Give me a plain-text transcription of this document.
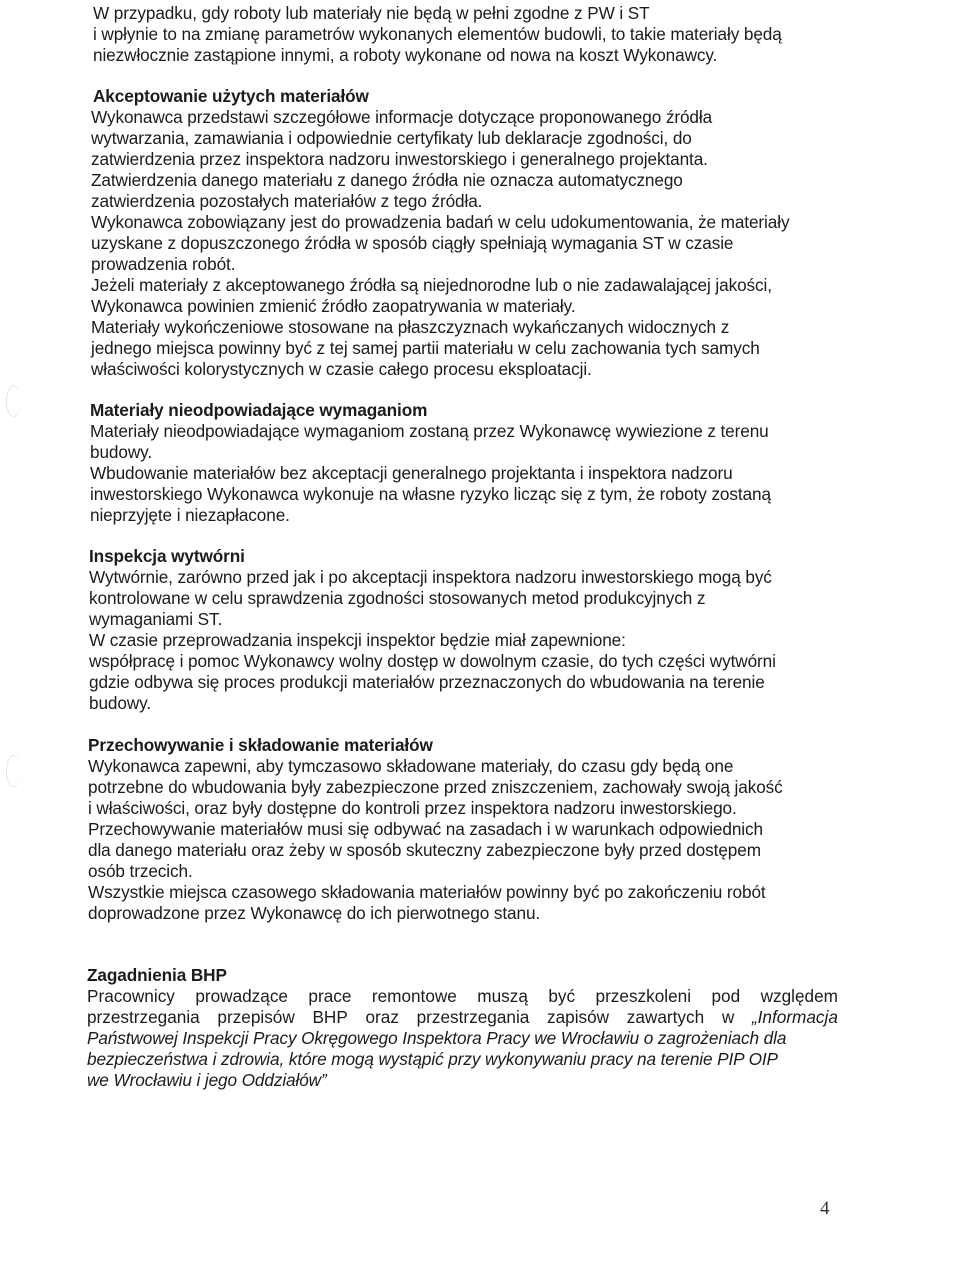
W przypadku, gdy roboty lub materiały nie będą w pełni zgodne z PW i ST
i wpłynie to na zmianę parametrów wykonanych elementów budowli, to takie materiały będą
niezwłocznie zastąpione innymi, a roboty wykonane od nowa na koszt Wykonawcy.
Akceptowanie użytych materiałów
Wykonawca przedstawi szczegółowe informacje dotyczące proponowanego źródła
wytwarzania, zamawiania i odpowiednie certyfikaty lub deklaracje zgodności, do
zatwierdzenia przez inspektora nadzoru inwestorskiego i generalnego projektanta.
Zatwierdzenia danego materiału z danego źródła nie oznacza automatycznego
zatwierdzenia pozostałych materiałów z tego źródła.
Wykonawca zobowiązany jest do prowadzenia badań w celu udokumentowania, że materiały
uzyskane z dopuszczonego źródła w sposób ciągły spełniają wymagania ST w czasie
prowadzenia robót.
Jeżeli materiały z akceptowanego źródła są niejednorodne lub o nie zadawalającej jakości,
Wykonawca powinien zmienić źródło zaopatrywania w materiały.
Materiały wykończeniowe stosowane na płaszczyznach wykańczanych widocznych z
jednego miejsca powinny być z tej samej partii materiału w celu zachowania tych samych
właściwości kolorystycznych w czasie całego procesu eksploatacji.
Materiały nieodpowiadające wymaganiom
Materiały nieodpowiadające wymaganiom zostaną przez Wykonawcę wywiezione z terenu
budowy.
Wbudowanie materiałów bez akceptacji generalnego projektanta i inspektora nadzoru
inwestorskiego Wykonawca wykonuje na własne ryzyko licząc się z tym, że roboty zostaną
nieprzyjęte i niezapłacone.
Inspekcja wytwórni
Wytwórnie, zarówno przed jak i po akceptacji inspektora nadzoru inwestorskiego mogą być
kontrolowane w celu sprawdzenia zgodności stosowanych metod produkcyjnych z
wymaganiami ST.
W czasie przeprowadzania inspekcji inspektor będzie miał zapewnione:
współpracę i pomoc Wykonawcy wolny dostęp w dowolnym czasie, do tych części wytwórni
gdzie odbywa się proces produkcji materiałów przeznaczonych do wbudowania na terenie
budowy.
Przechowywanie i składowanie materiałów
Wykonawca zapewni, aby tymczasowo składowane materiały, do czasu gdy będą one
potrzebne do wbudowania były zabezpieczone przed zniszczeniem, zachowały swoją jakość
i właściwości, oraz były dostępne do kontroli przez inspektora nadzoru inwestorskiego.
Przechowywanie materiałów musi się odbywać na zasadach i w warunkach odpowiednich
dla danego materiału oraz żeby w sposób skuteczny zabezpieczone były przed dostępem
osób trzecich.
Wszystkie miejsca czasowego składowania materiałów powinny być po zakończeniu robót
doprowadzone przez Wykonawcę do ich pierwotnego stanu.
Zagadnienia BHP
Pracownicy prowadzące prace remontowe muszą być przeszkoleni pod względem
przestrzegania przepisów BHP oraz przestrzegania zapisów zawartych w „Informacja
Państwowej Inspekcji Pracy Okręgowego Inspektora Pracy we Wrocławiu o zagrożeniach dla
bezpieczeństwa i zdrowia, które mogą wystąpić przy wykonywaniu pracy na terenie PIP OIP
we Wrocławiu i jego Oddziałów”
4
